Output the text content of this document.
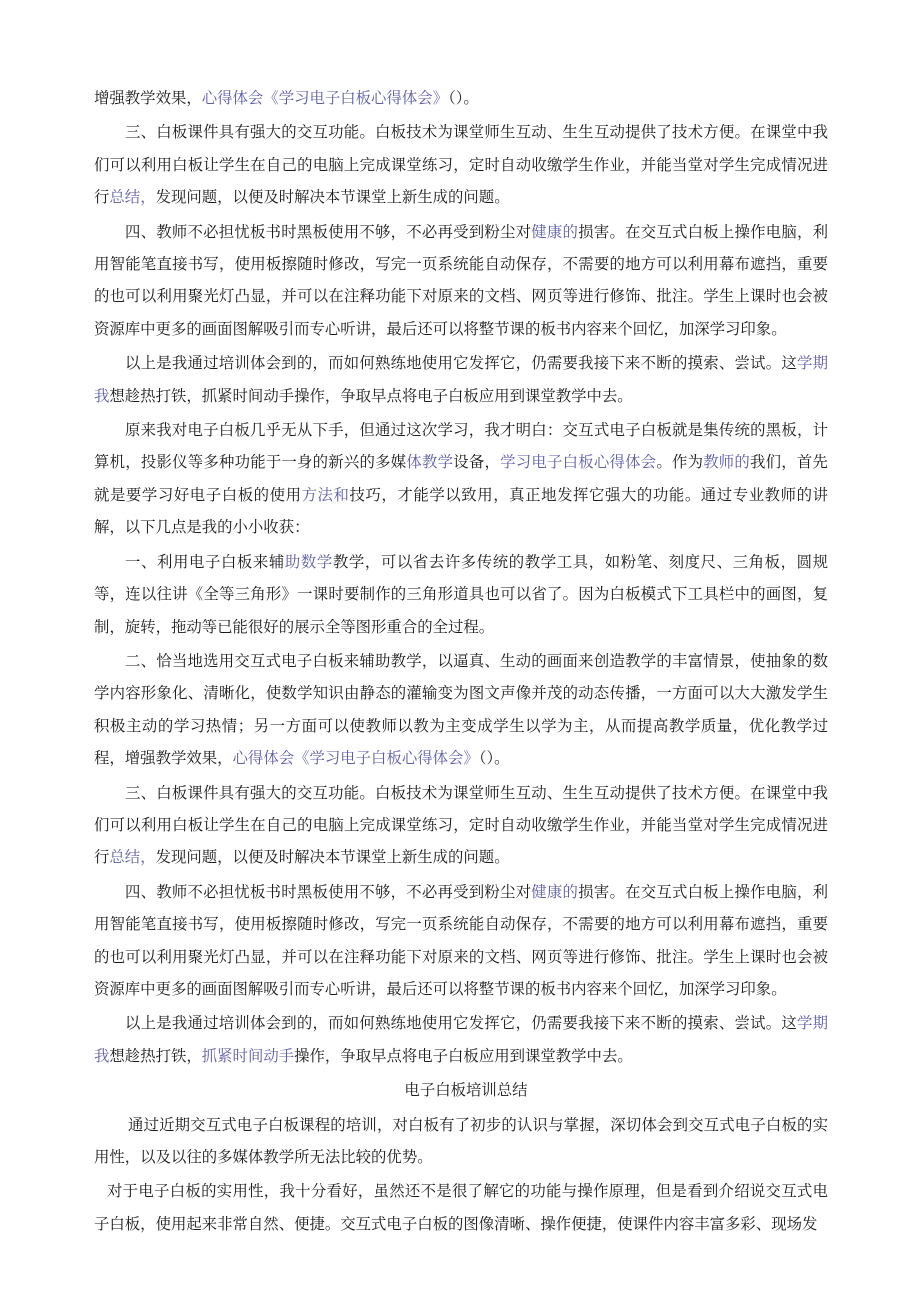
增强教学效果，心得体会《学习电子白板心得体会》（）。

三、白板课件具有强大的交互功能。白板技术为课堂师生互动、生生互动提供了技术方便。在课堂中我们可以利用白板让学生在自己的电脑上完成课堂练习，定时自动收缴学生作业，并能当堂对学生完成情况进行总结，发现问题，以便及时解决本节课堂上新生成的问题。

四、教师不必担忧板书时黑板使用不够，不必再受到粉尘对健康的损害。在交互式白板上操作电脑，利用智能笔直接书写，使用板擦随时修改，写完一页系统能自动保存，不需要的地方可以利用幕布遮挡，重要的也可以利用聚光灯凸显，并可以在注释功能下对原来的文档、网页等进行修饰、批注。学生上课时也会被资源库中更多的画面图解吸引而专心听讲，最后还可以将整节课的板书内容来个回忆，加深学习印象。

以上是我通过培训体会到的，而如何熟练地使用它发挥它，仍需要我接下来不断的摸索、尝试。这学期我想趁热打铁，抓紧时间动手操作，争取早点将电子白板应用到课堂教学中去。

原来我对电子白板几乎无从下手，但通过这次学习，我才明白：交互式电子白板就是集传统的黑板，计算机，投影仪等多种功能于一身的新兴的多媒体教学设备，学习电子白板心得体会。作为教师的我们，首先就是要学习好电子白板的使用方法和技巧，才能学以致用，真正地发挥它强大的功能。通过专业教师的讲解，以下几点是我的小小收获：

一、利用电子白板来辅助数学教学，可以省去许多传统的教学工具，如粉笔、刻度尺、三角板，圆规等，连以往讲《全等三角形》一课时要制作的三角形道具也可以省了。因为白板模式下工具栏中的画图，复制，旋转，拖动等已能很好的展示全等图形重合的全过程。

二、恰当地选用交互式电子白板来辅助教学，以逼真、生动的画面来创造教学的丰富情景，使抽象的数学内容形象化、清晰化，使数学知识由静态的灌输变为图文声像并茂的动态传播，一方面可以大大激发学生积极主动的学习热情；另一方面可以使教师以教为主变成学生以学为主，从而提高教学质量，优化教学过程，增强教学效果，心得体会《学习电子白板心得体会》（）。

三、白板课件具有强大的交互功能。白板技术为课堂师生互动、生生互动提供了技术方便。在课堂中我们可以利用白板让学生在自己的电脑上完成课堂练习，定时自动收缴学生作业，并能当堂对学生完成情况进行总结，发现问题，以便及时解决本节课堂上新生成的问题。

四、教师不必担忧板书时黑板使用不够，不必再受到粉尘对健康的损害。在交互式白板上操作电脑，利用智能笔直接书写，使用板擦随时修改，写完一页系统能自动保存，不需要的地方可以利用幕布遮挡，重要的也可以利用聚光灯凸显，并可以在注释功能下对原来的文档、网页等进行修饰、批注。学生上课时也会被资源库中更多的画面图解吸引而专心听讲，最后还可以将整节课的板书内容来个回忆，加深学习印象。

以上是我通过培训体会到的，而如何熟练地使用它发挥它，仍需要我接下来不断的摸索、尝试。这学期我想趁热打铁，抓紧时间动手操作，争取早点将电子白板应用到课堂教学中去。

电子白板培训总结

通过近期交互式电子白板课程的培训，对白板有了初步的认识与掌握，深切体会到交互式电子白板的实用性，以及以往的多媒体教学所无法比较的优势。

对于电子白板的实用性，我十分看好，虽然还不是很了解它的功能与操作原理，但是看到介绍说交互式电子白板，使用起来非常自然、便捷。交互式电子白板的图像清晰、操作便捷，使课件内容丰富多彩、现场发
